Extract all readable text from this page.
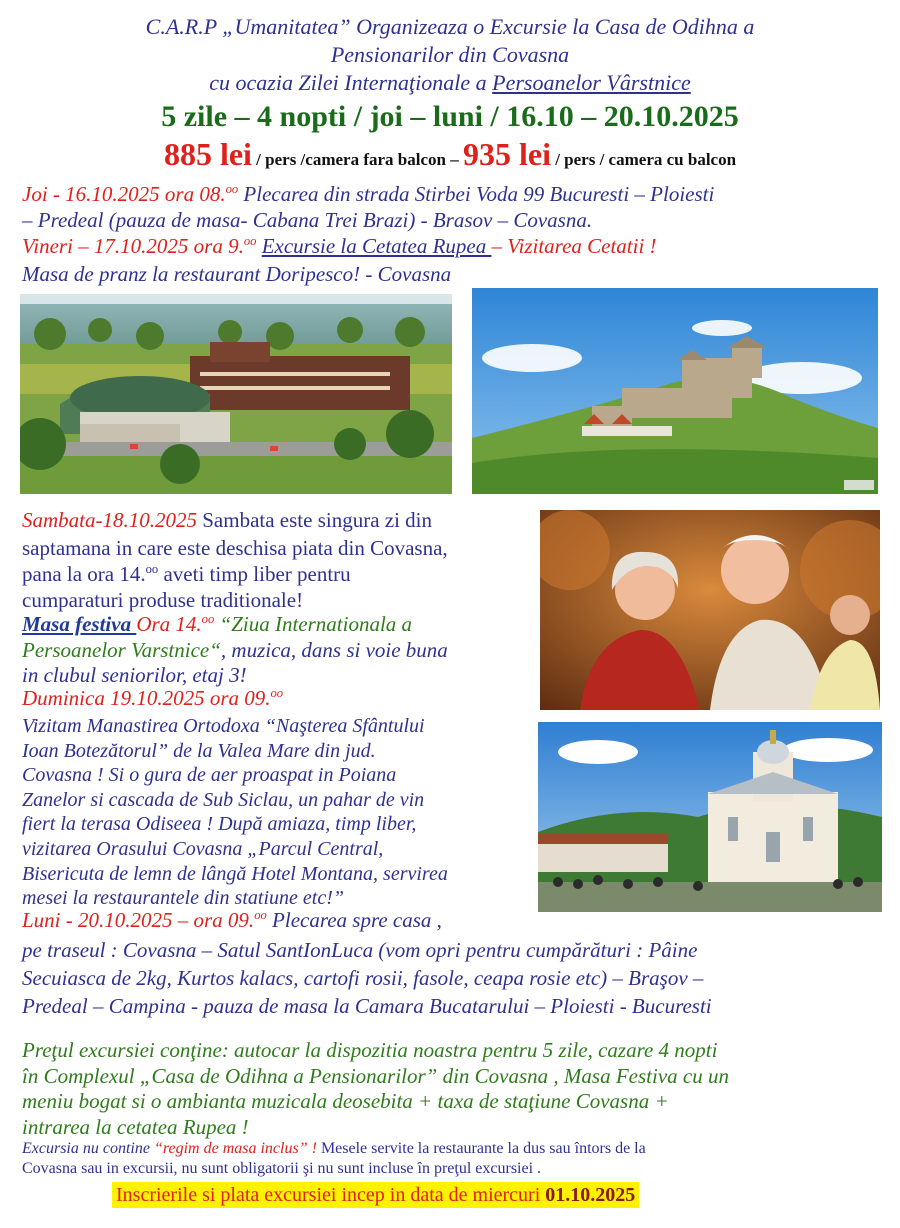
C.A.R.P „Umanitatea” Organizeaza o Excursie la Casa de Odihna a
Pensionarilor din Covasna
cu ocazia Zilei Internaţionale a Persoanelor Vârstnice
5 zile – 4 nopti / joi – luni / 16.10 – 20.10.2025
885 lei / pers /camera fara balcon – 935 lei / pers / camera cu balcon
Joi - 16.10.2025 ora 08.$^{oo}$ Plecarea din strada Stirbei Voda 99 Bucuresti – Ploiesti
– Predeal (pauza de masa- Cabana Trei Brazi) - Brasov – Covasna.
Vineri – 17.10.2025 ora 9.$^{oo}$ Excursie la Cetatea Rupea – Vizitarea Cetatii !
Masa de pranz la restaurant Doripesco! - Covasna
Sambata-18.10.2025 Sambata este singura zi din
saptamana in care este deschisa piata din Covasna,
pana la ora 14.$^{oo}$ aveti timp liber pentru
cumparaturi produse traditionale!
Masa festiva Ora 14.$^{oo}$ “Ziua Internationala a
Persoanelor Varstnice“, muzica, dans si voie buna
in clubul seniorilor, etaj 3!
Duminica 19.10.2025 ora 09.$^{oo}$
Vizitam Manastirea Ortodoxa “Naşterea Sfântului
Ioan Botezătorul” de la Valea Mare din jud.
Covasna ! Si o gura de aer proaspat in Poiana
Zanelor si cascada de Sub Siclau, un pahar de vin
fiert la terasa Odiseea ! După amiaza, timp liber,
vizitarea Orasului Covasna „Parcul Central,
Bisericuta de lemn de lângă Hotel Montana, servirea
mesei la restaurantele din statiune etc!”
Luni - 20.10.2025 – ora 09.$^{oo}$ Plecarea spre casa ,
pe traseul : Covasna – Satul SantIonLuca (vom opri pentru cumpărături : Pâine
Secuiasca de 2kg, Kurtos kalacs, cartofi rosii, fasole, ceapa rosie etc) – Braşov –
Predeal – Campina - pauza de masa la Camara Bucatarului – Ploiesti - Bucuresti
Preţul excursiei conţine: autocar la dispozitia noastra pentru 5 zile, cazare 4 nopti
în Complexul „Casa de Odihna a Pensionarilor” din Covasna , Masa Festiva cu un
meniu bogat si o ambianta muzicala deosebita + taxa de staţiune Covasna +
intrarea la cetatea Rupea !
Excursia nu contine “regim de masa inclus” ! Mesele servite la restaurante la dus sau întors de la
Covasna sau in excursii, nu sunt obligatorii şi nu sunt incluse în preţul excursiei .
Inscrierile si plata excursiei incep in data de miercuri 01.10.2025
